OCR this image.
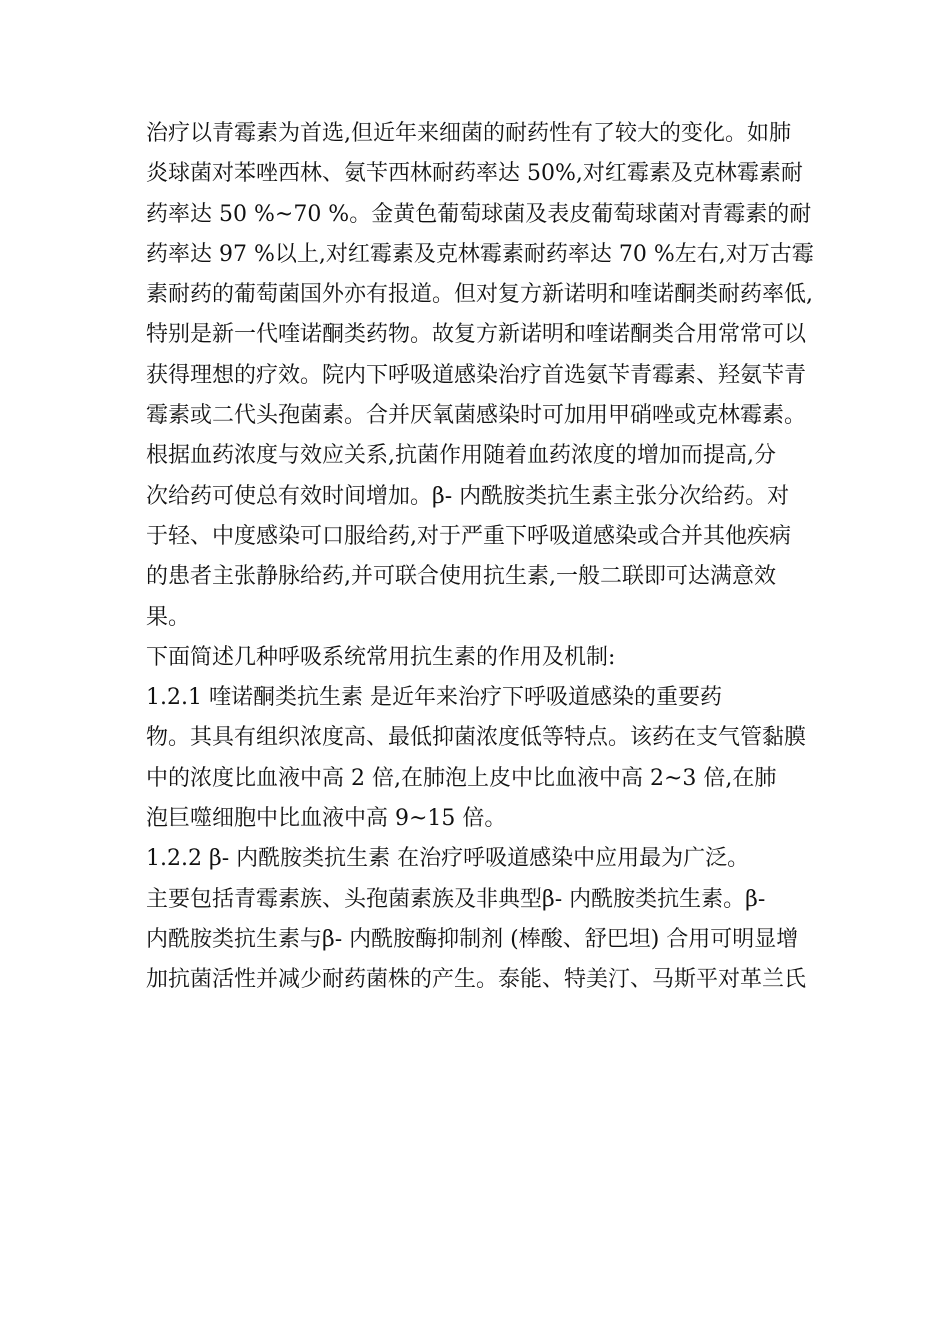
治疗以青霉素为首选,但近年来细菌的耐药性有了较大的变化。如肺
炎球菌对苯唑西林、氨苄西林耐药率达 50%,对红霉素及克林霉素耐
药率达 50 %~70 %。金黄色葡萄球菌及表皮葡萄球菌对青霉素的耐
药率达 97 %以上,对红霉素及克林霉素耐药率达 70 %左右,对万古霉
素耐药的葡萄菌国外亦有报道。但对复方新诺明和喹诺酮类耐药率低,
特别是新一代喹诺酮类药物。故复方新诺明和喹诺酮类合用常常可以
获得理想的疗效。院内下呼吸道感染治疗首选氨苄青霉素、羟氨苄青
霉素或二代头孢菌素。合并厌氧菌感染时可加用甲硝唑或克林霉素。
根据血药浓度与效应关系,抗菌作用随着血药浓度的增加而提高,分
次给药可使总有效时间增加。β- 内酰胺类抗生素主张分次给药。对
于轻、中度感染可口服给药,对于严重下呼吸道感染或合并其他疾病
的患者主张静脉给药,并可联合使用抗生素,一般二联即可达满意效
果。
下面简述几种呼吸系统常用抗生素的作用及机制:
1.2.1 喹诺酮类抗生素 是近年来治疗下呼吸道感染的重要药
物。其具有组织浓度高、最低抑菌浓度低等特点。该药在支气管黏膜
中的浓度比血液中高 2 倍,在肺泡上皮中比血液中高 2~3 倍,在肺
泡巨噬细胞中比血液中高 9~15 倍。
1.2.2 β- 内酰胺类抗生素 在治疗呼吸道感染中应用最为广泛。
主要包括青霉素族、头孢菌素族及非典型β- 内酰胺类抗生素。β-
内酰胺类抗生素与β- 内酰胺酶抑制剂 (棒酸、舒巴坦) 合用可明显增
加抗菌活性并减少耐药菌株的产生。泰能、特美汀、马斯平对革兰氏
